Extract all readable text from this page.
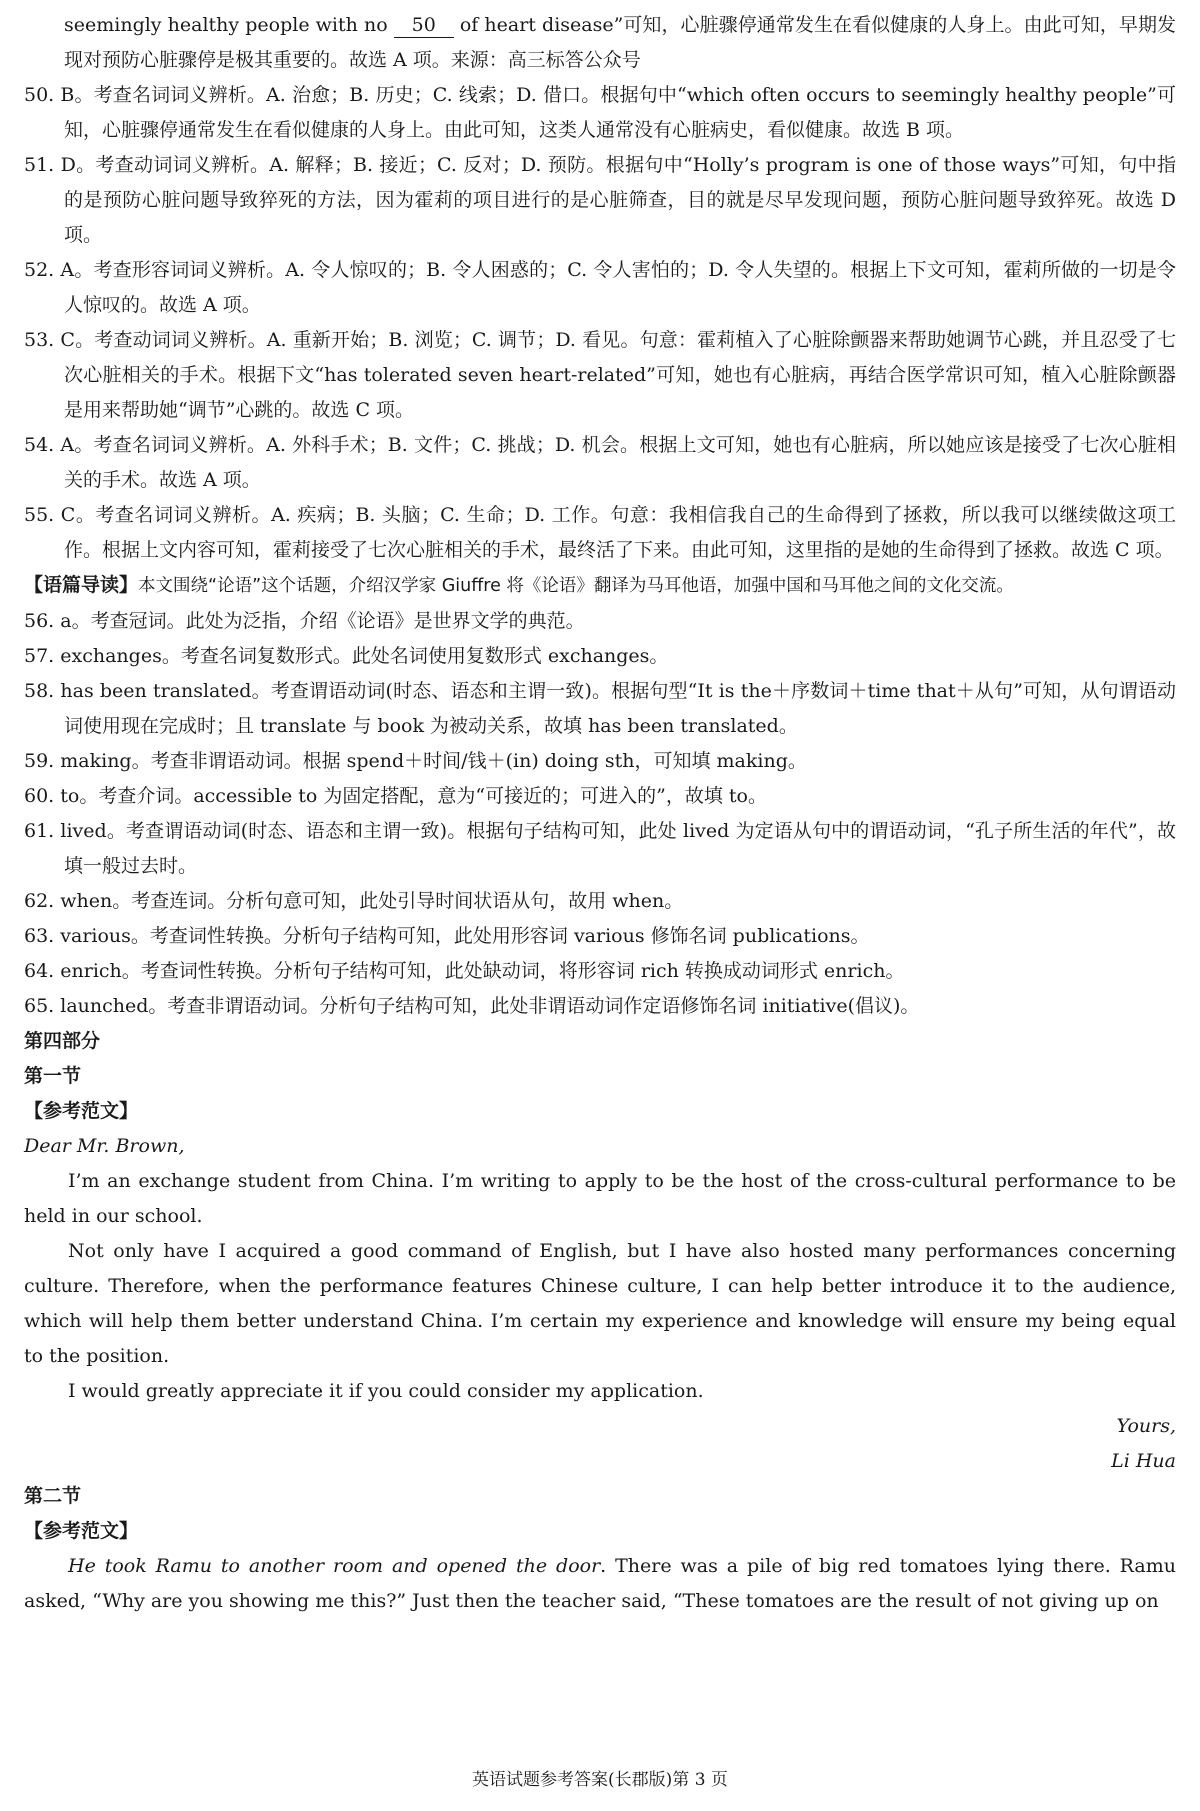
seemingly healthy people with no 50 of heart disease”可知，心脏骤停通常发生在看似健康的人身上。由此可知，早期发现对预防心脏骤停是极其重要的。故选 A 项。来源：高三标答公众号

50. B。考查名词词义辨析。A. 治愈；B. 历史；C. 线索；D. 借口。根据句中“which often occurs to seemingly healthy people”可知，心脏骤停通常发生在看似健康的人身上。由此可知，这类人通常没有心脏病史，看似健康。故选 B 项。

51. D。考查动词词义辨析。A. 解释；B. 接近；C. 反对；D. 预防。根据句中“Holly’s program is one of those ways”可知，句中指的是预防心脏问题导致猝死的方法，因为霍莉的项目进行的是心脏筛查，目的就是尽早发现问题，预防心脏问题导致猝死。故选 D 项。

52. A。考查形容词词义辨析。A. 令人惊叹的；B. 令人困惑的；C. 令人害怕的；D. 令人失望的。根据上下文可知，霍莉所做的一切是令人惊叹的。故选 A 项。

53. C。考查动词词义辨析。A. 重新开始；B. 浏览；C. 调节；D. 看见。句意：霍莉植入了心脏除颤器来帮助她调节心跳，并且忍受了七次心脏相关的手术。根据下文“has tolerated seven heart-related”可知，她也有心脏病，再结合医学常识可知，植入心脏除颤器是用来帮助她“调节”心跳的。故选 C 项。

54. A。考查名词词义辨析。A. 外科手术；B. 文件；C. 挑战；D. 机会。根据上文可知，她也有心脏病，所以她应该是接受了七次心脏相关的手术。故选 A 项。

55. C。考查名词词义辨析。A. 疾病；B. 头脑；C. 生命；D. 工作。句意：我相信我自己的生命得到了拯救，所以我可以继续做这项工作。根据上文内容可知，霍莉接受了七次心脏相关的手术，最终活了下来。由此可知，这里指的是她的生命得到了拯救。故选 C 项。

【语篇导读】本文围绕“论语”这个话题，介绍汉学家 Giuffre 将《论语》翻译为马耳他语，加强中国和马耳他之间的文化交流。

56. a。考查冠词。此处为泛指，介绍《论语》是世界文学的典范。

57. exchanges。考查名词复数形式。此处名词使用复数形式 exchanges。

58. has been translated。考查谓语动词(时态、语态和主谓一致)。根据句型“It is the＋序数词＋time that＋从句”可知，从句谓语动词使用现在完成时；且 translate 与 book 为被动关系，故填 has been translated。

59. making。考查非谓语动词。根据 spend＋时间/钱＋(in) doing sth，可知填 making。

60. to。考查介词。accessible to 为固定搭配，意为“可接近的；可进入的”，故填 to。

61. lived。考查谓语动词(时态、语态和主谓一致)。根据句子结构可知，此处 lived 为定语从句中的谓语动词，“孔子所生活的年代”，故填一般过去时。

62. when。考查连词。分析句意可知，此处引导时间状语从句，故用 when。

63. various。考查词性转换。分析句子结构可知，此处用形容词 various 修饰名词 publications。

64. enrich。考查词性转换。分析句子结构可知，此处缺动词，将形容词 rich 转换成动词形式 enrich。

65. launched。考查非谓语动词。分析句子结构可知，此处非谓语动词作定语修饰名词 initiative(倡议)。

第四部分

第一节

【参考范文】

Dear Mr. Brown,

I’m an exchange student from China. I’m writing to apply to be the host of the cross-cultural performance to be held in our school.

Not only have I acquired a good command of English, but I have also hosted many performances concerning culture. Therefore, when the performance features Chinese culture, I can help better introduce it to the audience, which will help them better understand China. I’m certain my experience and knowledge will ensure my being equal to the position.

I would greatly appreciate it if you could consider my application.

Yours,

Li Hua

第二节

【参考范文】

He took Ramu to another room and opened the door. There was a pile of big red tomatoes lying there. Ramu asked, “Why are you showing me this?” Just then the teacher said, “These tomatoes are the result of not giving up on

英语试题参考答案(长郡版)第 3 页
